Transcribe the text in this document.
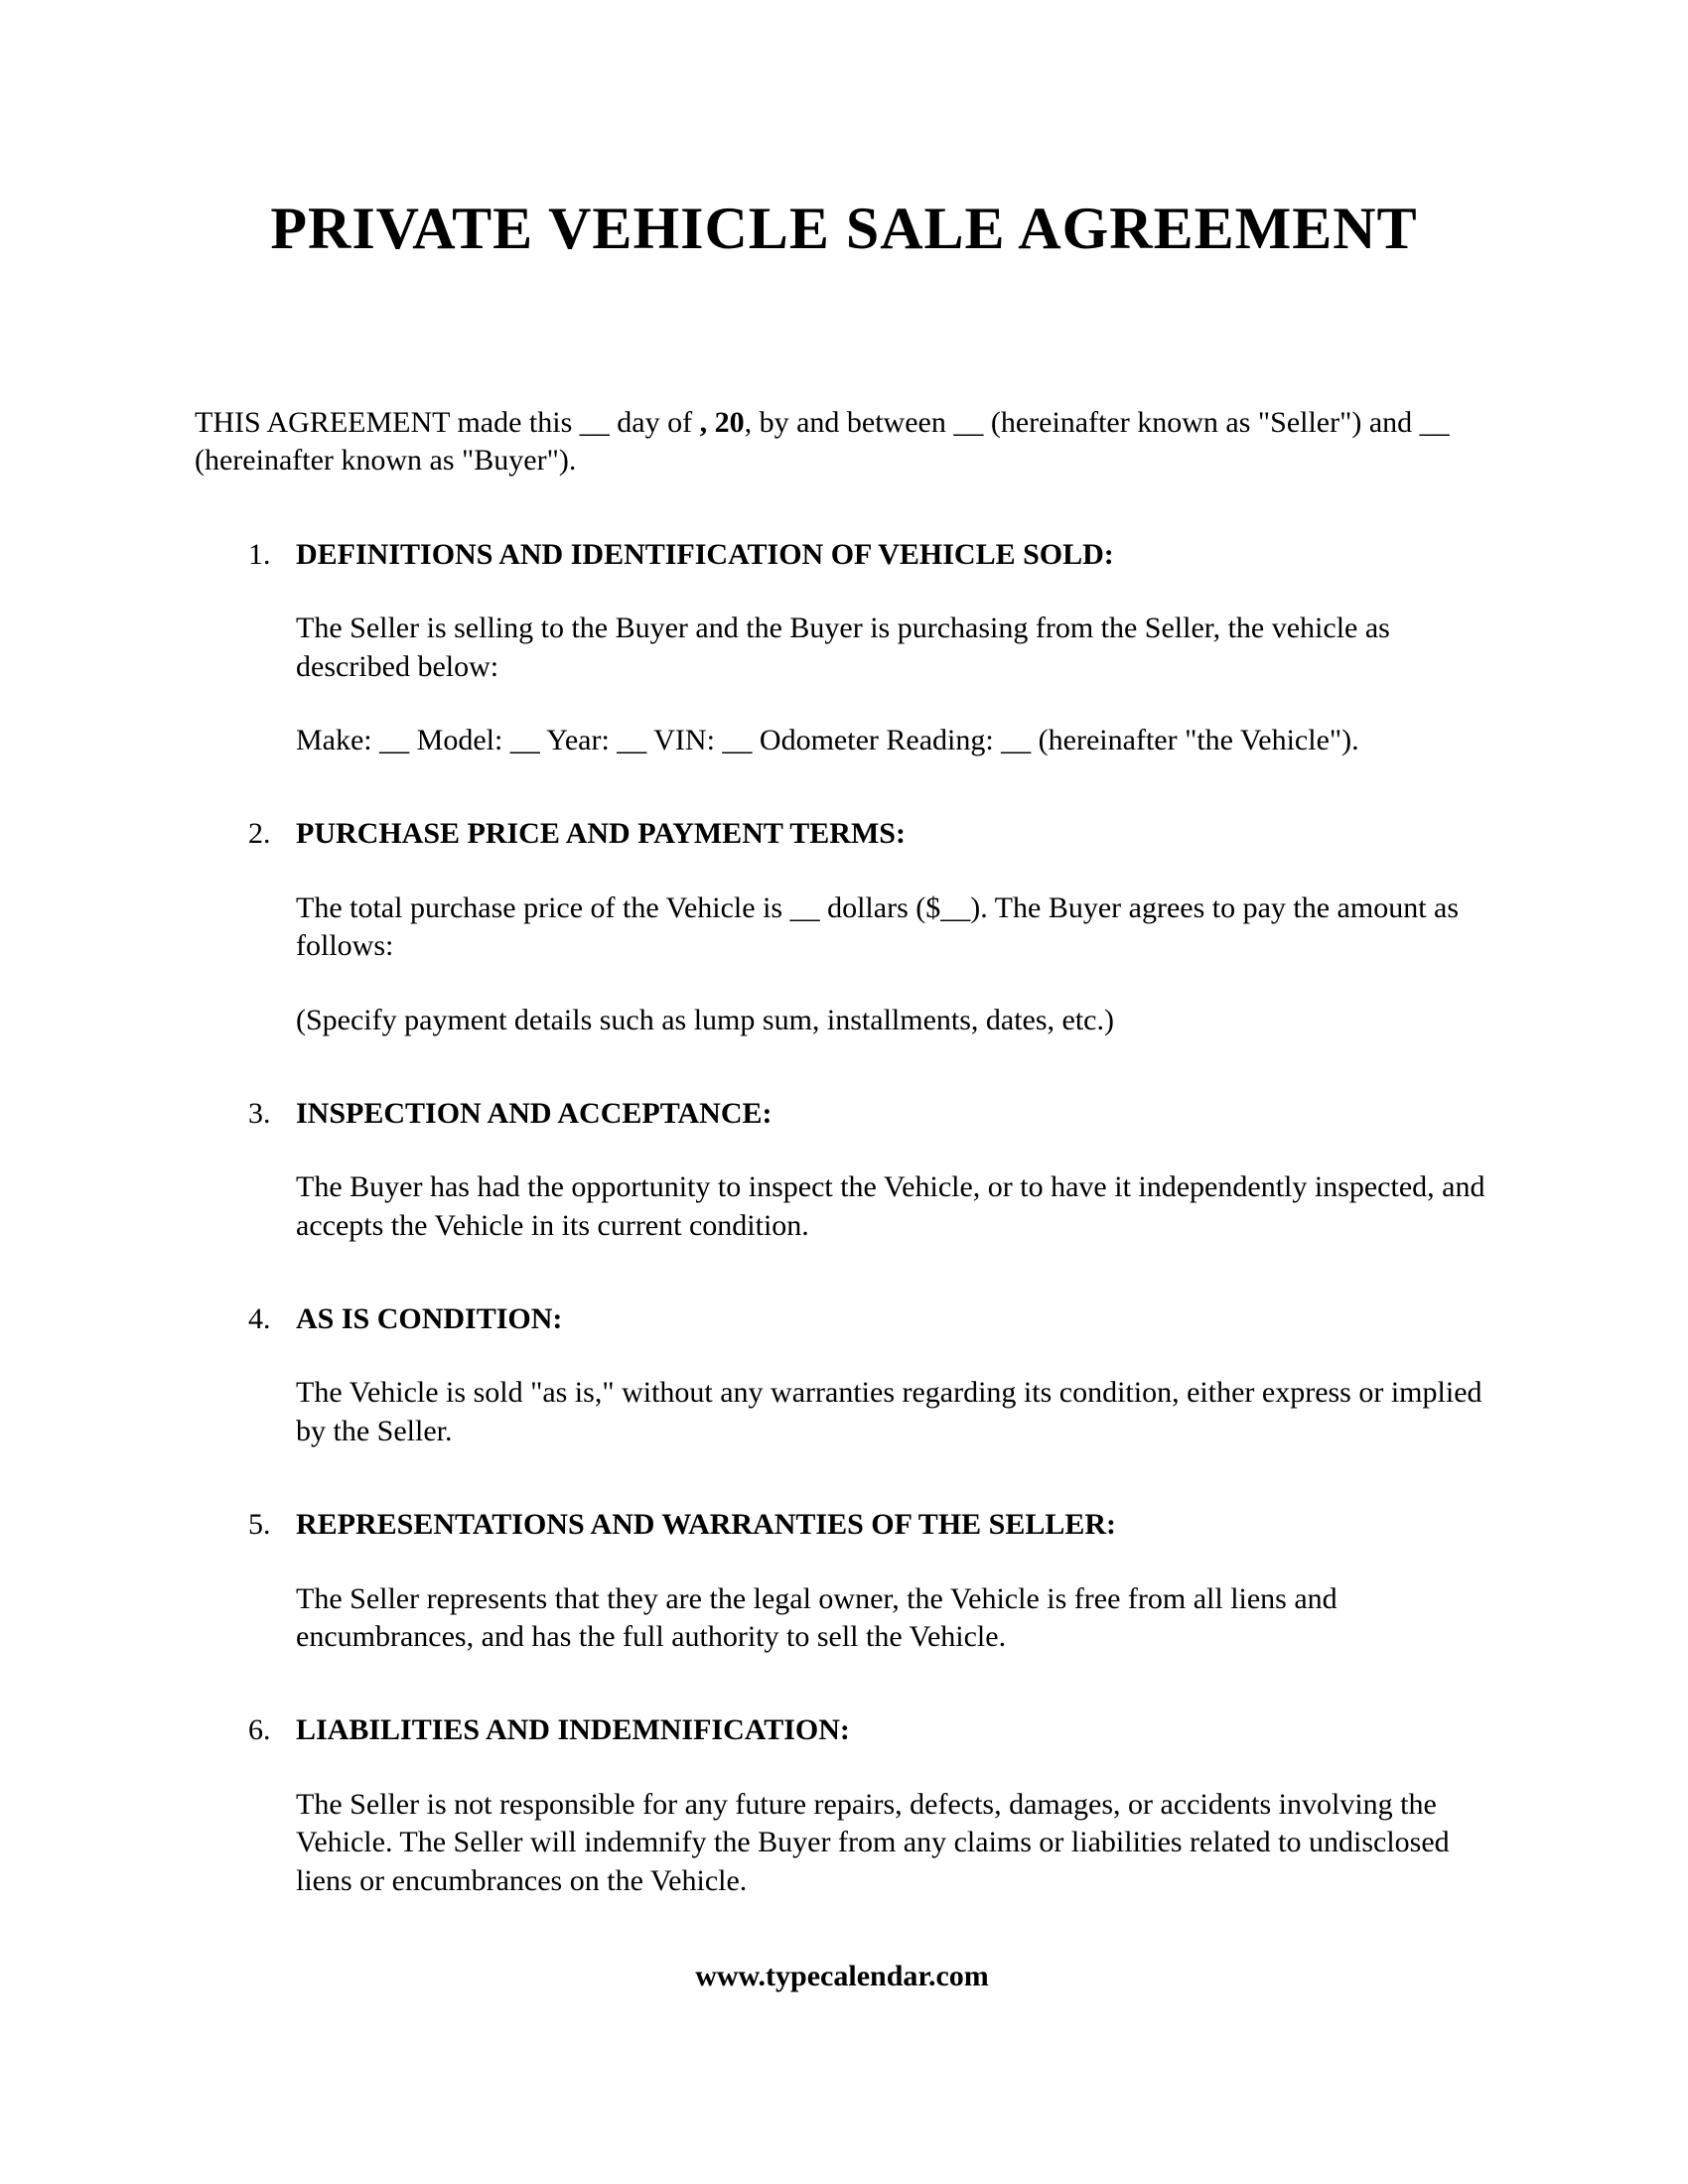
PRIVATE VEHICLE SALE AGREEMENT

THIS AGREEMENT made this __ day of , 20, by and between __ (hereinafter known as "Seller") and __ (hereinafter known as "Buyer").

1. DEFINITIONS AND IDENTIFICATION OF VEHICLE SOLD:

The Seller is selling to the Buyer and the Buyer is purchasing from the Seller, the vehicle as described below:

Make: __ Model: __ Year: __ VIN: __ Odometer Reading: __ (hereinafter "the Vehicle").

2. PURCHASE PRICE AND PAYMENT TERMS:

The total purchase price of the Vehicle is __ dollars ($__). The Buyer agrees to pay the amount as follows:

(Specify payment details such as lump sum, installments, dates, etc.)

3. INSPECTION AND ACCEPTANCE:

The Buyer has had the opportunity to inspect the Vehicle, or to have it independently inspected, and accepts the Vehicle in its current condition.

4. AS IS CONDITION:

The Vehicle is sold "as is," without any warranties regarding its condition, either express or implied by the Seller.

5. REPRESENTATIONS AND WARRANTIES OF THE SELLER:

The Seller represents that they are the legal owner, the Vehicle is free from all liens and encumbrances, and has the full authority to sell the Vehicle.

6. LIABILITIES AND INDEMNIFICATION:

The Seller is not responsible for any future repairs, defects, damages, or accidents involving the Vehicle. The Seller will indemnify the Buyer from any claims or liabilities related to undisclosed liens or encumbrances on the Vehicle.

www.typecalendar.com
